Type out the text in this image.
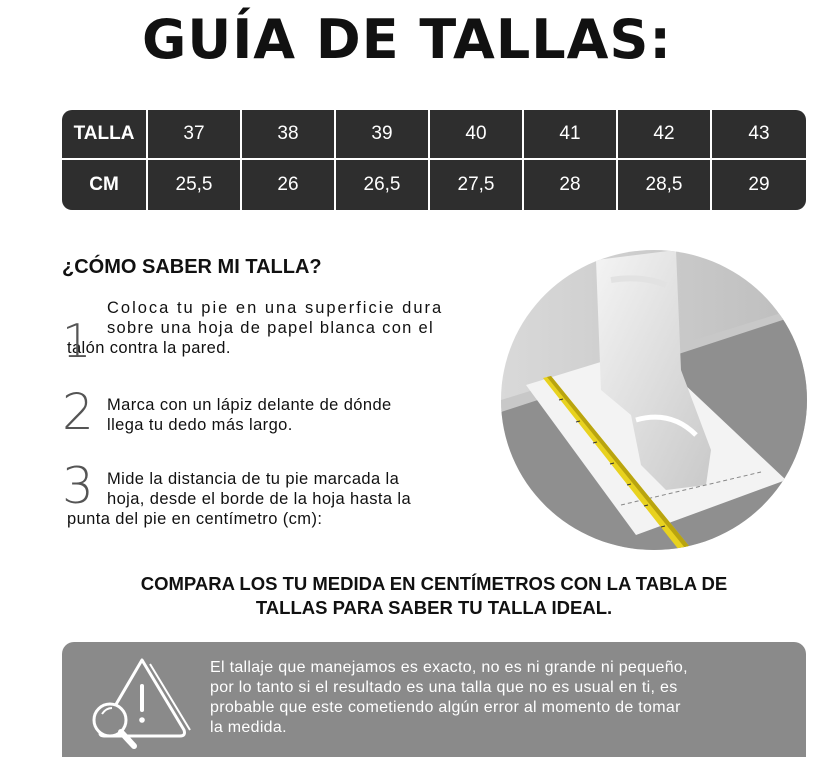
GUÍA DE TALLAS:
TALLA	37	38	39	40	41	42	43
CM	25,5	26	26,5	27,5	28	28,5	29
¿CÓMO SABER MI TALLA?
1
Coloca tu pie en una superficie dura
sobre una hoja de papel blanca con el
talón contra la pared.
2 Marca con un lápiz delante de dónde
llega tu dedo más largo.
3 Mide la distancia de tu pie marcada la
hoja, desde el borde de la hoja hasta la
punta del pie en centímetro (cm):
COMPARA LOS TU MEDIDA EN CENTÍMETROS CON LA TABLA DE
TALLAS PARA SABER TU TALLA IDEAL.
El tallaje que manejamos es exacto, no es ni grande ni pequeño,
por lo tanto si el resultado es una talla que no es usual en ti, es
probable que este cometiendo algún error al momento de tomar
la medida.
